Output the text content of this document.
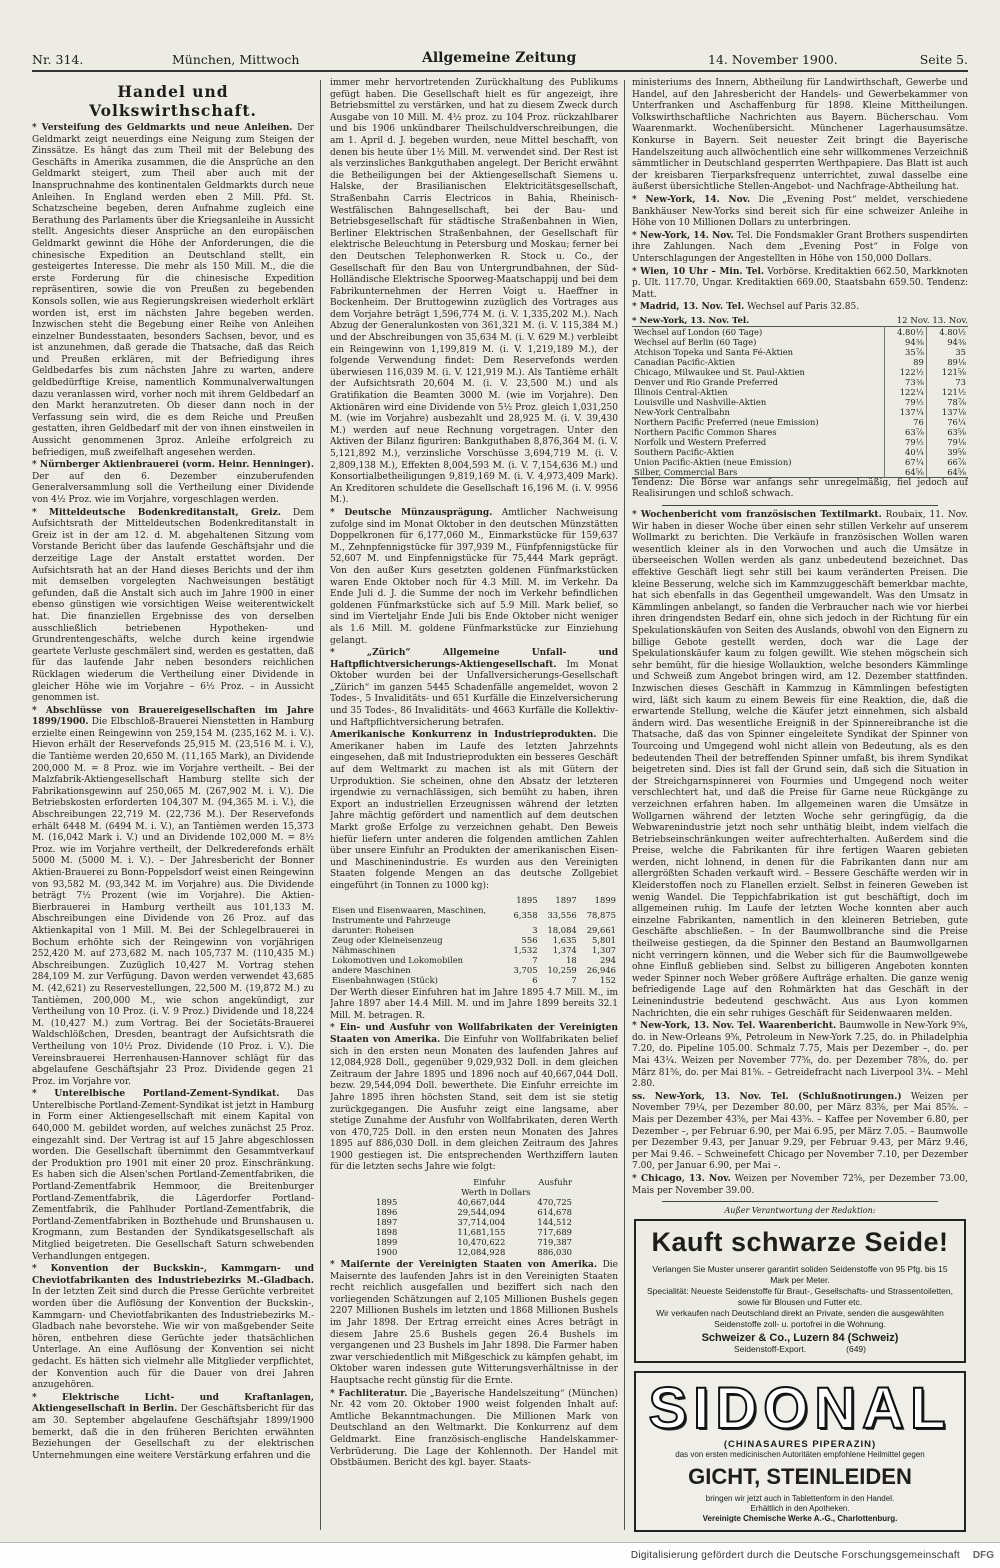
Nr. 314.	München, Mittwoch	Allgemeine Zeitung	14. November 1900.	Seite 5.
Handel und Volkswirthschaft.

* Versteifung des Geldmarkts und neue Anleihen. Der Geldmarkt zeigt neuerdings eine Neigung zum Steigen der Zinssätze. Es hängt das zum Theil mit der Belebung des Geschäfts in Amerika zusammen, die die Ansprüche an den Geldmarkt steigert, zum Theil aber auch mit der Inanspruchnahme des kontinentalen Geldmarkts durch neue Anleihen. In England werden eben 2 Mill. Pfd. St. Schatzscheine begeben, deren Aufnahme zugleich eine Berathung des Parlaments über die Kriegsanleihe in Aussicht stellt. Angesichts dieser Ansprüche an den europäischen Geldmarkt gewinnt die Höhe der Anforderungen, die die chinesische Expedition an Deutschland stellt, ein gesteigertes Interesse. Die mehr als 150 Mill. M., die die erste Forderung für die chinesische Expedition repräsentiren, sowie die von Preußen zu begebenden Konsols sollen, wie aus Regierungskreisen wiederholt erklärt worden ist, erst im nächsten Jahre begeben werden. Inzwischen steht die Begebung einer Reihe von Anleihen einzelner Bundesstaaten, besonders Sachsen, bevor, und es ist anzunehmen, daß gerade die Thatsache, daß das Reich und Preußen erklären, mit der Befriedigung ihres Geldbedarfes bis zum nächsten Jahre zu warten, andere geldbedürftige Kreise, namentlich Kommunalverwaltungen dazu veranlassen wird, vorher noch mit ihrem Geldbedarf an den Markt heranzutreten. Ob dieser dann noch in der Verfassung sein wird, die es dem Reiche und Preußen gestatten, ihren Geldbedarf mit der von ihnen einstweilen in Aussicht genommenen 3proz. Anleihe erfolgreich zu befriedigen, muß zweifelhaft angesehen werden.

* Nürnberger Aktienbrauerei (vorm. Heinr. Henninger). Der auf den 6. Dezember einzuberufenden Generalversammlung soll die Vertheilung einer Dividende von 4½ Proz. wie im Vorjahre, vorgeschlagen werden.

* Mitteldeutsche Bodenkreditanstalt, Greiz. Dem Aufsichtsrath der Mitteldeutschen Bodenkreditanstalt in Greiz ist in der am 12. d. M. abgehaltenen Sitzung vom Vorstande Bericht über das laufende Geschäftsjahr und die derzeitige Lage der Anstalt erstattet worden. Der Aufsichtsrath hat an der Hand dieses Berichts und der ihm mit demselben vorgelegten Nachweisungen bestätigt gefunden, daß die Anstalt sich auch im Jahre 1900 in einer ebenso günstigen wie vorsichtigen Weise weiterentwickelt hat. Die finanziellen Ergebnisse des von derselben ausschließlich betriebenen Hypotheken- und Grundrentengeschäfts, welche durch keine irgendwie geartete Verluste geschmälert sind, werden es gestatten, daß für das laufende Jahr neben besonders reichlichen Rücklagen wiederum die Vertheilung einer Dividende in gleicher Höhe wie im Vorjahre – 6½ Proz. – in Aussicht genommen ist.

* Abschlüsse von Brauereigesellschaften im Jahre 1899/1900. Die Elbschloß-Brauerei Nienstetten in Hamburg erzielte einen Reingewinn von 259,154 M. (235,162 M. i. V.). Hievon erhält der Reservefonds 25,915 M. (23,516 M. i. V.), die Tantième werden 20,650 M. (11,165 Mark), an Dividende 200,000 M. = 8 Proz. wie im Vorjahre vertheilt. – Bei der Malzfabrik-Aktiengesellschaft Hamburg stellte sich der Fabrikationsgewinn auf 250,065 M. (267,902 M. i. V.). Die Betriebskosten erforderten 104,307 M. (94,365 M. i. V.), die Abschreibungen 22,719 M. (22,736 M.). Der Reservefonds erhält 6448 M. (6494 M. i. V.), an Tantièmen werden 15,373 M. (16,042 Mark i. V.) und an Dividende 102,000 M. = 8½ Proz. wie im Vorjahre vertheilt, der Delkrederefonds erhält 5000 M. (5000 M. i. V.). – Der Jahresbericht der Bonner Aktien-Brauerei zu Bonn-Poppelsdorf weist einen Reingewinn von 93,582 M. (93,342 M. im Vorjahre) aus. Die Dividende beträgt 7½ Prozent (wie im Vorjahre). Die Aktien-Bierbrauerei in Hamburg vertheilt aus 101,133 M. Abschreibungen eine Dividende von 26 Proz. auf das Aktienkapital von 1 Mill. M. Bei der Schlegelbrauerei in Bochum erhöhte sich der Reingewinn von vorjährigen 252,420 M. auf 273,682 M. nach 105,737 M. (110,435 M.) Abschreibungen. Zuzüglich 10,427 M. Vortrag stehen 284,109 M. zur Verfügung. Davon werden verwendet 43,685 M. (42,621) zu Reservestellungen, 22,500 M. (19,872 M.) zu Tantièmen, 200,000 M., wie schon angekündigt, zur Vertheilung von 10 Proz. (i. V. 9 Proz.) Dividende und 18,224 M. (10,427 M.) zum Vortrag. Bei der Societäts-Brauerei Waldschlößchen, Dresden, beantragt der Aufsichtsrath die Vertheilung von 10½ Proz. Dividende (10 Proz. i. V.). Die Vereinsbrauerei Herrenhausen-Hannover schlägt für das abgelaufene Geschäftsjahr 23 Proz. Dividende gegen 21 Proz. im Vorjahre vor.

* Unterelbische Portland-Zement-Syndikat. Das Unterelbische Portland-Zement-Syndikat ist jetzt in Hamburg in Form einer Aktiengesellschaft mit einem Kapital von 640,000 M. gebildet worden, auf welches zunächst 25 Proz. eingezahlt sind. Der Vertrag ist auf 15 Jahre abgeschlossen worden. Die Gesellschaft übernimmt den Gesammtverkauf der Produktion pro 1901 mit einer 20 proz. Einschränkung. Es haben sich die Alsen'schen Portland-Zementfabriken, die Portland-Zementfabrik Hemmoor, die Breitenburger Portland-Zementfabrik, die Lägerdorfer Portland-Zementfabrik, die Pahlhuder Portland-Zementfabrik, die Portland-Zementfabriken in Bozthehude und Brunshausen u. Krogmann, zum Bestanden der Syndikatsgesellschaft als Mitglied beigetreten. Die Gesellschaft Saturn schwebenden Verhandlungen entgegen.

* Konvention der Buckskin-, Kammgarn- und Cheviotfabrikanten des Industriebezirks M.-Gladbach. In der letzten Zeit sind durch die Presse Gerüchte verbreitet worden über die Auflösung der Konvention der Buckskin-, Kammgarn- und Cheviotfabrikanten des Industriebezirks M.-Gladbach nahe bevorstehe. Wie wir von maßgebender Seite hören, entbehren diese Gerüchte jeder thatsächlichen Unterlage. An eine Auflösung der Konvention sei nicht gedacht. Es hätten sich vielmehr alle Mitglieder verpflichtet, der Konvention auch für die Dauer von drei Jahren anzugehören.

* Elektrische Licht- und Kraftanlagen, Aktiengesellschaft in Berlin. Der Geschäftsbericht für das am 30. September abgelaufene Geschäftsjahr 1899/1900 bemerkt, daß die in den früheren Berichten erwähnten Beziehungen der Gesellschaft zu der elektrischen Unternehmungen eine weitere Verstärkung erfahren und die

immer mehr hervortretenden Zurückhaltung des Publikums gefügt haben. Die Gesellschaft hielt es für angezeigt, ihre Betriebsmittel zu verstärken, und hat zu diesem Zweck durch Ausgabe von 10 Mill. M. 4½ proz. zu 104 Proz. rückzahlbarer und bis 1906 unkündbarer Theilschuldverschreibungen, die am 1. April d. J. begeben wurden, neue Mittel beschafft, von denen bis heute über 1½ Mill. M. verwendet sind. Der Rest ist als verzinsliches Bankguthaben angelegt. Der Bericht erwähnt die Betheiligungen bei der Aktiengesellschaft Siemens u. Halske, der Brasilianischen Elektricitätsgesellschaft, Straßenbahn Carris Electricos in Bahia, Rheinisch-Westfälischen Bahngesellschaft, bei der Bau- und Betriebsgesellschaft für städtische Straßenbahnen in Wien, Berliner Elektrischen Straßenbahnen, der Gesellschaft für elektrische Beleuchtung in Petersburg und Moskau; ferner bei den Deutschen Telephonwerken R. Stock u. Co., der Gesellschaft für den Bau von Untergrundbahnen, der Süd-Holländische Elektrische Spoorweg-Maatschappij und bei dem Fabrikunternehmen der Herren Voigt u. Haeffner in Bockenheim. Der Bruttogewinn zuzüglich des Vortrages aus dem Vorjahre beträgt 1,596,774 M. (i. V. 1,335,202 M.). Nach Abzug der Generalunkosten von 361,321 M. (i. V. 115,384 M.) und der Abschreibungen von 35,634 M. (i. V. 629 M.) verbleibt ein Reingewinn von 1,199,819 M. (i. V. 1,219,189 M.), der folgende Verwendung findet: Dem Reservefonds werden überwiesen 116,039 M. (i. V. 121,919 M.). Als Tantième erhält der Aufsichtsrath 20,604 M. (i. V. 23,500 M.) und als Gratifikation die Beamten 3000 M. (wie im Vorjahre). Den Aktionären wird eine Dividende von 5½ Proz. gleich 1,031,250 M. (wie im Vorjahre) ausbezahlt und 28,925 M. (i. V. 39,430 M.) werden auf neue Rechnung vorgetragen. Unter den Aktiven der Bilanz figuriren: Bankguthaben 8,876,364 M. (i. V. 5,121,892 M.), verzinsliche Vorschüsse 3,694,719 M. (i. V. 2,809,138 M.), Effekten 8,004,593 M. (i. V. 7,154,636 M.) und Konsortialbetheiligungen 9,819,169 M. (i. V. 4,973,409 Mark). An Kreditoren schuldete die Gesellschaft 16,196 M. (i. V. 9956 M.).

* Deutsche Münzausprägung. Amtlicher Nachweisung zufolge sind im Monat Oktober in den deutschen Münzstätten Doppelkronen für 6,177,060 M., Einmarkstücke für 159,637 M., Zehnpfennigstücke für 397,939 M., Fünfpfennigstücke für 52,607 M. und Einpfennigstücke für 75,444 Mark geprägt. Von den außer Kurs gesetzten goldenen Fünfmarkstücken waren Ende Oktober noch für 4.3 Mill. M. im Verkehr. Da Ende Juli d. J. die Summe der noch im Verkehr befindlichen goldenen Fünfmarkstücke sich auf 5.9 Mill. Mark belief, so sind im Vierteljahr Ende Juli bis Ende Oktober nicht weniger als 1.6 Mill. M. goldene Fünfmarkstücke zur Einziehung gelangt.

* „Zürich“ Allgemeine Unfall- und Haftpflichtversicherungs-Aktiengesellschaft. Im Monat Oktober wurden bei der Unfallversicherungs-Gesellschaft „Zürich“ im ganzen 5445 Schadenfälle angemeldet, wovon 2 Todes-, 5 Invaliditäts- und 651 Kurfälle die Einzelversicherung und 35 Todes-, 86 Invaliditäts- und 4663 Kurfälle die Kollektiv- und Haftpflichtversicherung betrafen.

Amerikanische Konkurrenz in Industrieprodukten. Die Amerikaner haben im Laufe des letzten Jahrzehnts eingesehen, daß mit Industrieprodukten ein besseres Geschäft auf dem Weltmarkt zu machen ist als mit Gütern der Urproduktion. Sie scheinen, ohne den Absatz der letzteren irgendwie zu vernachlässigen, sich bemüht zu haben, ihren Export an industriellen Erzeugnissen während der letzten Jahre mächtig gefördert und namentlich auf dem deutschen Markt große Erfolge zu verzeichnen gehabt. Den Beweis hiefür liefern unter anderen die folgenden amtlichen Zahlen über unsere Einfuhr an Produkten der amerikanischen Eisen- und Maschinenindustrie. Es wurden aus den Vereinigten Staaten folgende Mengen an das deutsche Zollgebiet eingeführt (in Tonnen zu 1000 kg):

	1895	1897	1899
Eisen und Eisenwaaren, Maschinen, Instrumente und Fahrzeuge	6,358	33,556	78,875
darunter: Roheisen	3	18,084	29,661
Zeug oder Kleineisenzeug	556	1,635	5,801
Nähmaschinen	1,532	1,374	1,307
Lokomotiven und Lokomobilen	7	18	294
andere Maschinen	3,705	10,259	26,946
Eisenbahnwagen (Stück)	6	7	152

Der Werth dieser Einfuhren hat im Jahre 1895 4.7 Mill. M., im Jahre 1897 aber 14.4 Mill. M. und im Jahre 1899 bereits 32.1 Mill. M. betragen. R.

* Ein- und Ausfuhr von Wollfabrikaten der Vereinigten Staaten von Amerika. Die Einfuhr von Wollfabrikaten belief sich in den ersten neun Monaten des laufenden Jahres auf 12,084,928 Doll., gegenüber 9,029,932 Doll. in dem gleichen Zeitraum der Jahre 1895 und 1896 noch auf 40,667,044 Doll. bezw. 29,544,094 Doll. bewerthete. Die Einfuhr erreichte im Jahre 1895 ihren höchsten Stand, seit dem ist sie stetig zurückgegangen. Die Ausfuhr zeigt eine langsame, aber stetige Zunahme der Ausfuhr von Wollfabrikaten, deren Werth von 470,725 Doll. in den ersten neun Monaten des Jahres 1895 auf 886,030 Doll. in dem gleichen Zeitraum des Jahres 1900 gestiegen ist. Die entsprechenden Werthziffern lauten für die letzten sechs Jahre wie folgt:

	Einfuhr	Ausfuhr
	Werth in Dollars	
1895	40,667,044	470,725
1896	29,544,094	614,678
1897	37,714,004	144,512
1898	11,681,155	717,689
1899	10,470,622	719,387
1900	12,084,928	886,030

* Maiſernte der Vereinigten Staaten von Amerika. Die Maisernte des laufenden Jahrs ist in den Vereinigten Staaten recht reichlich ausgefallen und beziffert sich nach den vorliegenden Schätzungen auf 2,105 Millionen Bushels gegen 2207 Millionen Bushels im letzten und 1868 Millionen Bushels im Jahr 1898. Der Ertrag erreicht eines Acres beträgt in diesem Jahre 25.6 Bushels gegen 26.4 Bushels im vergangenen und 23 Bushels im Jahr 1898. Die Farmer haben zwar verschiedentlich mit Mißgeschick zu kämpfen gehabt, im Oktober waren indessen gute Witterungsverhältnisse in der Hauptsache recht günstig für die Ernte.

* Fachliteratur. Die „Bayerische Handelszeitung“ (München) Nr. 42 vom 20. Oktober 1900 weist folgenden Inhalt auf: Amtliche Bekanntmachungen. Die Millionen Mark von Deutschland an den Weltmarkt. Die Konkurrenz auf dem Geldmarkt. Eine französisch-englische Handelskammer-Verbrüderung. Die Lage der Kohlennoth. Der Handel mit Obstbäumen. Bericht des kgl. bayer. Staats-

ministeriums des Innern, Abtheilung für Landwirthschaft, Gewerbe und Handel, auf den Jahresbericht der Handels- und Gewerbekammer von Unterfranken und Aschaffenburg für 1898. Kleine Mittheilungen. Volkswirthschaftliche Nachrichten aus Bayern. Bücherschau. Vom Waarenmarkt. Wochenübersicht. Münchener Lagerhausumsätze. Konkurse in Bayern. Seit neuester Zeit bringt die Bayerische Handelszeitung auch allwöchentlich eine sehr willkommenes Verzeichniß sämmtlicher in Deutschland gesperrten Werthpapiere. Das Blatt ist auch der kreisbaren Tierparksfrequenz unterrichtet, zuwal dasselbe eine äußerst übersichtliche Stellen-Angebot- und Nachfrage-Abtheilung hat.

* New-York, 14. Nov. Die „Evening Post“ meldet, verschiedene Bankhäuser New-Yorks sind bereit sich für eine schweizer Anleihe in Höhe von 10 Millionen Dollars zu unterbringen.

* New-York, 14. Nov. Tel. Die Fondsmakler Grant Brothers suspendirten ihre Zahlungen. Nach dem „Evening Post“ in Folge von Unterschlagungen der Angestellten in Höhe von 150,000 Dollars.

* Wien, 10 Uhr – Min. Tel. Vorbörse. Kreditaktien 662.50, Markknoten p. Ult. 117.70, Ungar. Kreditaktien 669.00, Staatsbahn 659.50. Tendenz: Matt.

* Madrid, 13. Nov. Tel. Wechsel auf Paris 32.85.

* New-York, 13. Nov. Tel.	12 Nov. 13. Nov.
Wechsel auf London (60 Tage)	4.80½	4.80½
Wechsel auf Berlin (60 Tage)	94⅜	94⅜
Atchison Topeka und Santa Fé-Aktien	35⅞	35
Canadian Pacific-Aktien	89	89⅛
Chicago, Milwaukee und St. Paul-Aktien	122½	121⅝
Denver und Rio Grande Preferred	73⅜	73
Illinois Central-Aktien	122¼	121½
Louisville und Nashville-Aktien	79½	78⅞
New-York Centralbahn	137¼	137⅛
Northern Pacific Preferred (neue Emission)	76	76¼
Northern Pacific Common Shares	63⅞	63⅝
Norfolk und Western Preferred	79½	79⅛
Southern Pacific-Aktien	40¼	39⅝
Union Pacific-Aktien (neue Emission)	67¼	66⅞
Silber, Commercial Bars	64⅝	64⅝

Tendenz: Die Börse war anfangs sehr unregelmäßig, fiel jedoch auf Realisirungen und schloß schwach.

* Wochenbericht vom französischen Textilmarkt. Roubaix, 11. Nov. Wir haben in dieser Woche über einen sehr stillen Verkehr auf unserem Wollmarkt zu berichten. Die Verkäufe in französischen Wollen waren wesentlich kleiner als in den Vorwochen und auch die Umsätze in überseeischen Wollen werden als ganz unbedeutend bezeichnet. Das effektive Geschäft liegt sehr still bei kaum veränderten Preisen. Die kleine Besserung, welche sich im Kammzuggeschäft bemerkbar machte, hat sich ebenfalls in das Gegentheil umgewandelt. Was den Umsatz in Kämmlingen anbelangt, so fanden die Verbraucher nach wie vor hierbei ihren dringendsten Bedarf ein, ohne sich jedoch in der Richtung für ein Spekulationskäufen von Seiten des Auslands, obwohl von den Eignern zu billige Gebote gestellt werden, doch war die Lage der Spekulationskäufer kaum zu folgen gewillt. Wie stehen mögschein sich sehr bemüht, für die hiesige Wollauktion, welche besonders Kämmlinge und Schweiß zum Angebot bringen wird, am 12. Dezember stattfinden. Inzwischen dieses Geschäft in Kammzug in Kämmlingen befestigten wird, läßt sich kaum zu einem Beweis für eine Reaktion, die, daß die erwartende Stellung, welche die Käufer jetzt einnehmen, sich alsbald ändern wird. Das wesentliche Ereigniß in der Spinnereibranche ist die Thatsache, daß das von Spinner eingeleitete Syndikat der Spinner von Tourcoing und Umgegend wohl nicht allein von Bedeutung, als es den bedeutenden Theil der betreffenden Spinner umfaßt, bis ihrem Syndikat beigetreten sind. Dies ist fall der Grund sein, daß sich die Situation in der Streichgarnspinnerei von Fourmies und Umgegend noch weiter verschlechtert hat, und daß die Preise für Garne neue Rückgänge zu verzeichnen erfahren haben. Im allgemeinen waren die Umsätze in Wollgarnen während der letzten Woche sehr geringfügig, da die Webwarenindustrie jetzt noch sehr unthätig bleibt, indem vielfach die Betriebseinschränkungen weiter aufrechterhalten. Außerdem sind die Preise, welche die Fabrikanten für ihre fertigen Waaren gebieten werden, nicht lohnend, in denen für die Fabrikanten dann nur am allergrößten Schaden verkauft wird. – Bessere Geschäfte werden wir in Kleiderstoffen noch zu Flanellen erzielt. Selbst in feineren Geweben ist wenig Wandel. Die Teppichfabrikation ist gut beschäftigt, doch im allgemeinen ruhig. Im Laufe der letzten Woche konnten aber auch einzelne Fabrikanten, namentlich in den kleineren Betrieben, gute Geschäfte abschließen. – In der Baumwollbranche sind die Preise theilweise gestiegen, da die Spinner den Bestand an Baumwollgarnen nicht verringern können, und die Weber sich für die Baumwollgewebe ohne Einfluß geblieben sind. Selbst zu billigeren Angeboten konnten weder Spinner noch Weber größere Aufträge erhalten. Die ganze wenig befriedigende Lage auf den Rohmärkten hat das Geschäft in der Leinenindustrie bedeutend geschwächt. Aus aus Lyon kommen Nachrichten, die ein sehr ruhiges Geschäft für Seidenwaaren melden.

* New-York, 13. Nov. Tel. Waarenbericht. Baumwolle in New-York 9⅝, do. in New-Orleans 9⅝, Petroleum in New-York 7.25, do. in Philadelphia 7.20, do. Pipeline 105.00. Schmalz 7.75, Mais per Dezember –, do. per Mai 43¼. Weizen per November 77⅝, do. per Dezember 78⅝, do. per März 81⅝, do. per Mai 81⅝. – Getreidefracht nach Liverpool 3¼. – Mehl 2.80.

ss. New-York, 13. Nov. Tel. (Schlußnotirungen.) Weizen per November 79¼, per Dezember 80.00, per März 83⅝, per Mai 85⅝. – Mais per Dezember 43⅝, per Mai 43⅝. – Kaffee per November 6.80, per Dezember –, per Februar 6.90, per Mai 6.95, per März 7.05. – Baumwolle per Dezember 9.43, per Januar 9.29, per Februar 9.43, per März 9.46, per Mai 9.46. – Schweinefett Chicago per November 7.10, per Dezember 7.00, per Januar 6.90, per Mai –.

* Chicago, 13. Nov. Weizen per November 72⅝, per Dezember 73.00, Mais per November 39.00.

Außer Verantwortung der Redaktion:
Kauft schwarze Seide!
Verlangen Sie Muster unserer garantirt soliden Seidenstoffe von 95 Pfg. bis 15 Mark per Meter.
Specialität: Neueste Seidenstoffe für Braut-, Gesellschafts- und Strassentoiletten, sowie für Blousen und Futter etc.
Wir verkaufen nach Deutschland direkt an Private, senden die ausgewählten Seidenstoffe zoll- u. portofrei in die Wohnung.
Schweizer & Co., Luzern 84 (Schweiz)
Seidenstoff-Export.	(649)
SIDONAL
(CHINASAURES PIPERAZIN)
das von ersten medicinischen Autoritäten empfohlene Heilmittel gegen
GICHT, STEINLEIDEN
bringen wir jetzt auch in Tablettenform in den Handel.
Erhältlich in den Apotheken.
Vereinigte Chemische Werke A.-G., Charlottenburg.
Digitalisierung gefördert durch die Deutsche Forschungsgemeinschaft DFG
